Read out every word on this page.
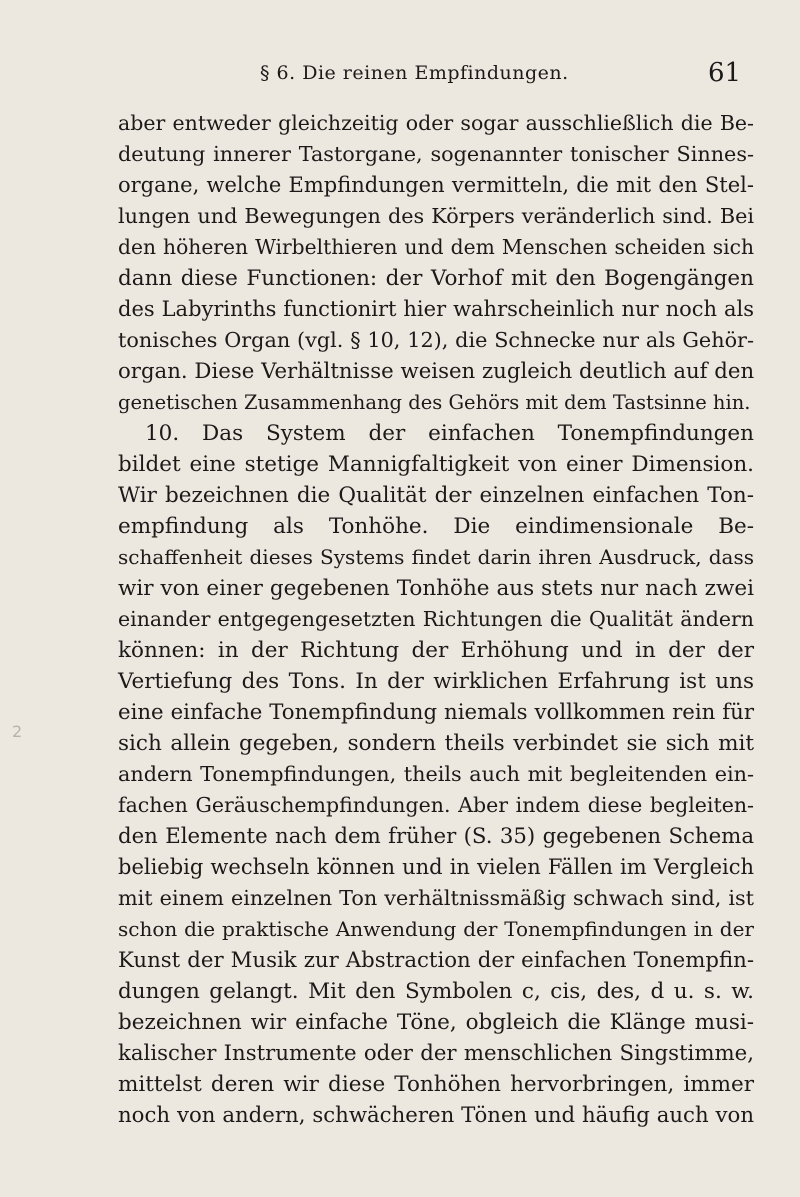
§ 6. Die reinen Empfindungen.	61
2
aber entweder gleichzeitig oder sogar ausschließlich die Be-
deutung innerer Tastorgane, sogenannter tonischer Sinnes-
organe, welche Empfindungen vermitteln, die mit den Stel-
lungen und Bewegungen des Körpers veränderlich sind. Bei
den höheren Wirbelthieren und dem Menschen scheiden sich
dann diese Functionen: der Vorhof mit den Bogengängen
des Labyrinths functionirt hier wahrscheinlich nur noch als
tonisches Organ (vgl. § 10, 12), die Schnecke nur als Gehör-
organ. Diese Verhältnisse weisen zugleich deutlich auf den
genetischen Zusammenhang des Gehörs mit dem Tastsinne hin.
10. Das System der einfachen Tonempfindungen
bildet eine stetige Mannigfaltigkeit von einer Dimension.
Wir bezeichnen die Qualität der einzelnen einfachen Ton-
empfindung als Tonhöhe. Die eindimensionale Be-
schaffenheit dieses Systems findet darin ihren Ausdruck, dass
wir von einer gegebenen Tonhöhe aus stets nur nach zwei
einander entgegengesetzten Richtungen die Qualität ändern
können: in der Richtung der Erhöhung und in der der
Vertiefung des Tons. In der wirklichen Erfahrung ist uns
eine einfache Tonempfindung niemals vollkommen rein für
sich allein gegeben, sondern theils verbindet sie sich mit
andern Tonempfindungen, theils auch mit begleitenden ein-
fachen Geräuschempfindungen. Aber indem diese begleiten-
den Elemente nach dem früher (S. 35) gegebenen Schema
beliebig wechseln können und in vielen Fällen im Vergleich
mit einem einzelnen Ton verhältnissmäßig schwach sind, ist
schon die praktische Anwendung der Tonempfindungen in der
Kunst der Musik zur Abstraction der einfachen Tonempfin-
dungen gelangt. Mit den Symbolen c, cis, des, d u. s. w.
bezeichnen wir einfache Töne, obgleich die Klänge musi-
kalischer Instrumente oder der menschlichen Singstimme,
mittelst deren wir diese Tonhöhen hervorbringen, immer
noch von andern, schwächeren Tönen und häufig auch von
